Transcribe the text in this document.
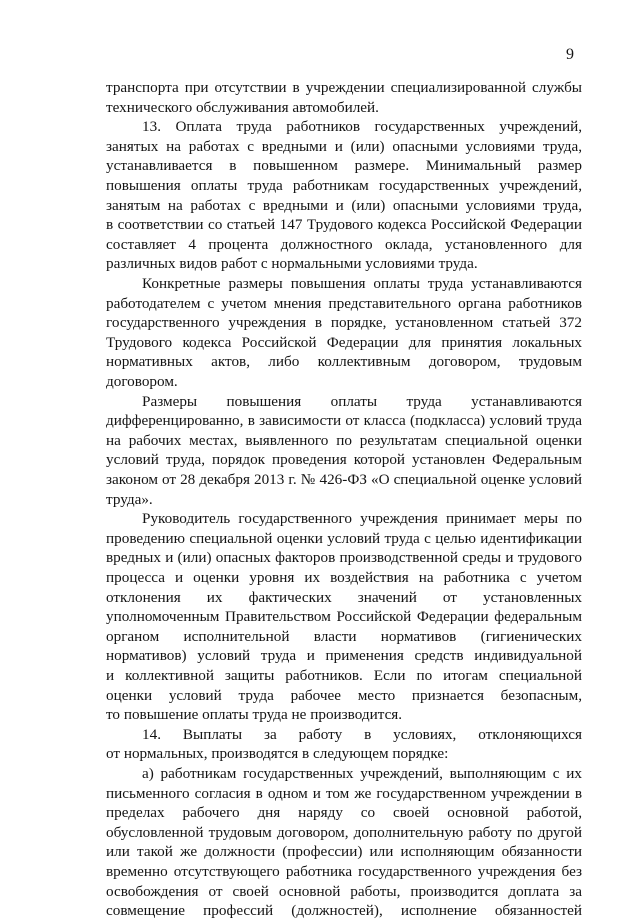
9
транспорта при отсутствии в учреждении специализированной службы
технического обслуживания автомобилей.
13. Оплата труда работников государственных учреждений,
занятых на работах с вредными и (или) опасными условиями труда,
устанавливается в повышенном размере. Минимальный размер
повышения оплаты труда работникам государственных учреждений,
занятым на работах с вредными и (или) опасными условиями труда,
в соответствии со статьей 147 Трудового кодекса Российской Федерации
составляет 4 процента должностного оклада, установленного для
различных видов работ с нормальными условиями труда.
Конкретные размеры повышения оплаты труда устанавливаются
работодателем с учетом мнения представительного органа работников
государственного учреждения в порядке, установленном статьей 372
Трудового кодекса Российской Федерации для принятия локальных
нормативных актов, либо коллективным договором, трудовым
договором.
Размеры повышения оплаты труда устанавливаются
дифференцированно, в зависимости от класса (подкласса) условий труда
на рабочих местах, выявленного по результатам специальной оценки
условий труда, порядок проведения которой установлен Федеральным
законом от 28 декабря 2013 г. № 426-ФЗ «О специальной оценке условий
труда».
Руководитель государственного учреждения принимает меры по
проведению специальной оценки условий труда с целью идентификации
вредных и (или) опасных факторов производственной среды и трудового
процесса и оценки уровня их воздействия на работника с учетом
отклонения их фактических значений от установленных
уполномоченным Правительством Российской Федерации федеральным
органом исполнительной власти нормативов (гигиенических
нормативов) условий труда и применения средств индивидуальной
и коллективной защиты работников. Если по итогам специальной
оценки условий труда рабочее место признается безопасным,
то повышение оплаты труда не производится.
14. Выплаты за работу в условиях, отклоняющихся
от нормальных, производятся в следующем порядке:
а) работникам государственных учреждений, выполняющим с их
письменного согласия в одном и том же государственном учреждении в
пределах рабочего дня наряду со своей основной работой,
обусловленной трудовым договором, дополнительную работу по другой
или такой же должности (профессии) или исполняющим обязанности
временно отсутствующего работника государственного учреждения без
освобождения от своей основной работы, производится доплата за
совмещение профессий (должностей), исполнение обязанностей
